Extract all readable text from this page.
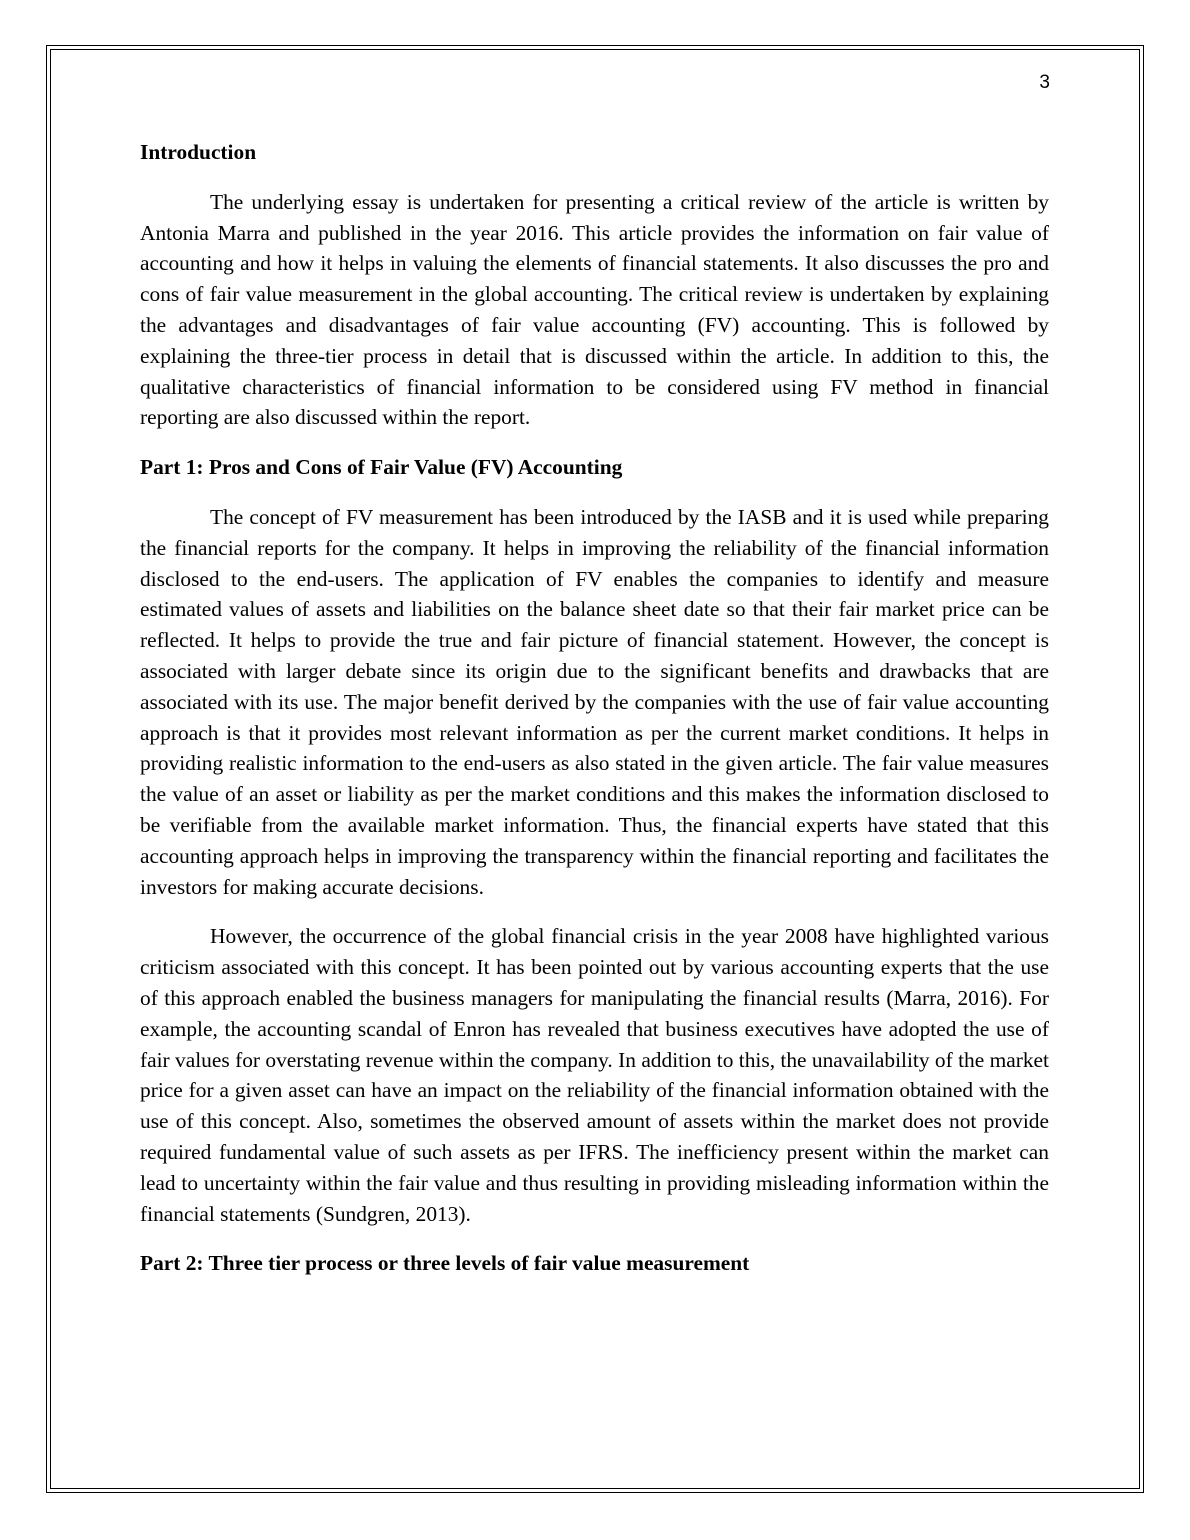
3
Introduction

The underlying essay is undertaken for presenting a critical review of the article is written by Antonia Marra and published in the year 2016. This article provides the information on fair value of accounting and how it helps in valuing the elements of financial statements. It also discusses the pro and cons of fair value measurement in the global accounting. The critical review is undertaken by explaining the advantages and disadvantages of fair value accounting (FV) accounting. This is followed by explaining the three-tier process in detail that is discussed within the article. In addition to this, the qualitative characteristics of financial information to be considered using FV method in financial reporting are also discussed within the report.

Part 1: Pros and Cons of Fair Value (FV) Accounting

The concept of FV measurement has been introduced by the IASB and it is used while preparing the financial reports for the company. It helps in improving the reliability of the financial information disclosed to the end-users. The application of FV enables the companies to identify and measure estimated values of assets and liabilities on the balance sheet date so that their fair market price can be reflected. It helps to provide the true and fair picture of financial statement. However, the concept is associated with larger debate since its origin due to the significant benefits and drawbacks that are associated with its use. The major benefit derived by the companies with the use of fair value accounting approach is that it provides most relevant information as per the current market conditions. It helps in providing realistic information to the end-users as also stated in the given article. The fair value measures the value of an asset or liability as per the market conditions and this makes the information disclosed to be verifiable from the available market information. Thus, the financial experts have stated that this accounting approach helps in improving the transparency within the financial reporting and facilitates the investors for making accurate decisions.

However, the occurrence of the global financial crisis in the year 2008 have highlighted various criticism associated with this concept. It has been pointed out by various accounting experts that the use of this approach enabled the business managers for manipulating the financial results (Marra, 2016). For example, the accounting scandal of Enron has revealed that business executives have adopted the use of fair values for overstating revenue within the company. In addition to this, the unavailability of the market price for a given asset can have an impact on the reliability of the financial information obtained with the use of this concept. Also, sometimes the observed amount of assets within the market does not provide required fundamental value of such assets as per IFRS. The inefficiency present within the market can lead to uncertainty within the fair value and thus resulting in providing misleading information within the financial statements (Sundgren, 2013).

Part 2: Three tier process or three levels of fair value measurement
